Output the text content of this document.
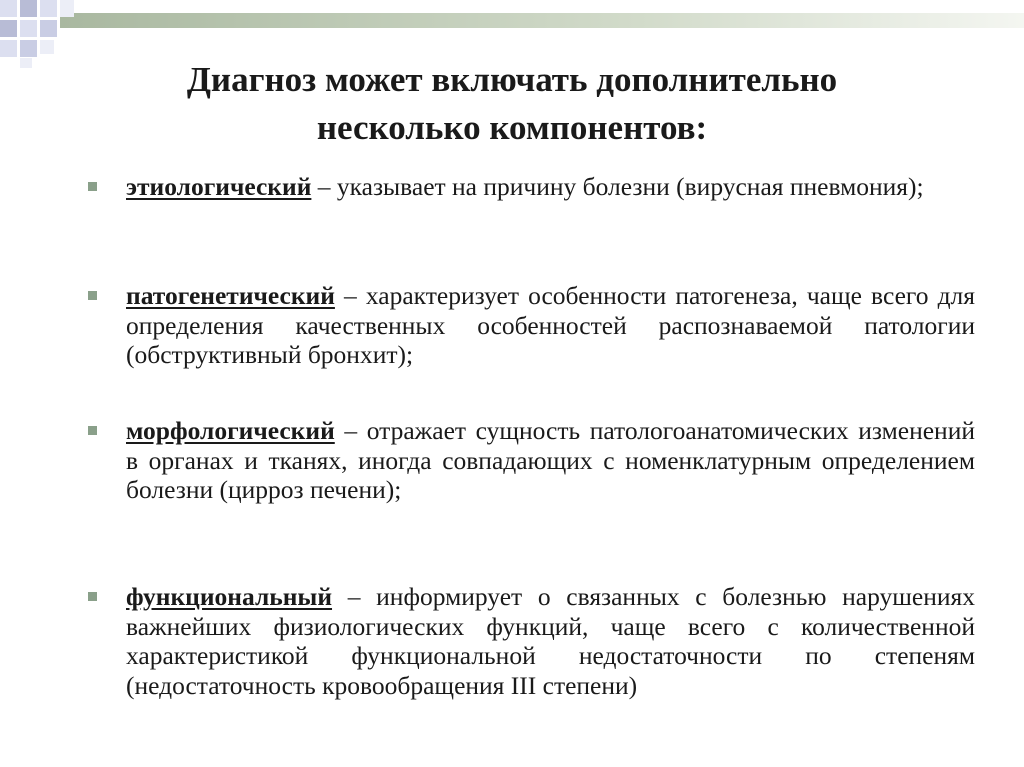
Диагноз может включать дополнительно
несколько компонентов:
этиологический – указывает на причину болезни (вирусная пневмония);
патогенетический – характеризует особенности патогенеза, чаще всего для определения качественных особенностей распознаваемой патологии (обструктивный бронхит);
морфологический – отражает сущность патологоанатомических изменений в органах и тканях, иногда совпадающих с номенклатурным определением болезни (цирроз печени);
функциональный – информирует о связанных с болезнью нарушениях важнейших физиологических функций, чаще всего с количественной характеристикой функциональной недостаточности по степеням (недостаточность кровообращения III степени)
